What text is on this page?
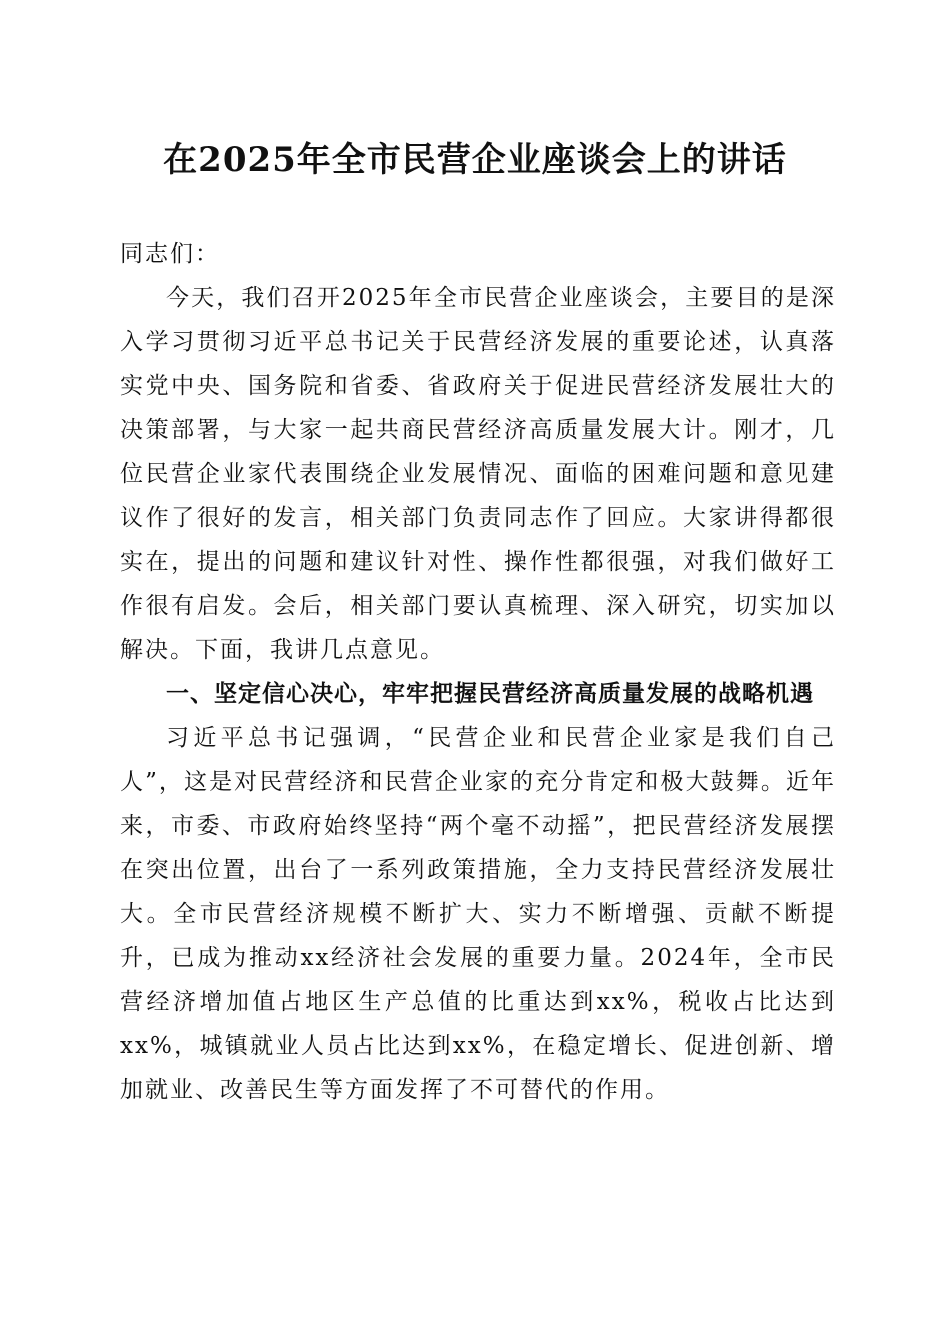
在2025年全市民营企业座谈会上的讲话

同志们：

今天，我们召开2025年全市民营企业座谈会，主要目的是深入学习贯彻习近平总书记关于民营经济发展的重要论述，认真落实党中央、国务院和省委、省政府关于促进民营经济发展壮大的决策部署，与大家一起共商民营经济高质量发展大计。刚才，几位民营企业家代表围绕企业发展情况、面临的困难问题和意见建议作了很好的发言，相关部门负责同志作了回应。大家讲得都很实在，提出的问题和建议针对性、操作性都很强，对我们做好工作很有启发。会后，相关部门要认真梳理、深入研究，切实加以解决。下面，我讲几点意见。

一、坚定信心决心，牢牢把握民营经济高质量发展的战略机遇

习近平总书记强调，“民营企业和民营企业家是我们自己人”，这是对民营经济和民营企业家的充分肯定和极大鼓舞。近年来，市委、市政府始终坚持“两个毫不动摇”，把民营经济发展摆在突出位置，出台了一系列政策措施，全力支持民营经济发展壮大。全市民营经济规模不断扩大、实力不断增强、贡献不断提升，已成为推动xx经济社会发展的重要力量。2024年，全市民营经济增加值占地区生产总值的比重达到xx%，税收占比达到xx%，城镇就业人员占比达到xx%，在稳定增长、促进创新、增加就业、改善民生等方面发挥了不可替代的作用。
